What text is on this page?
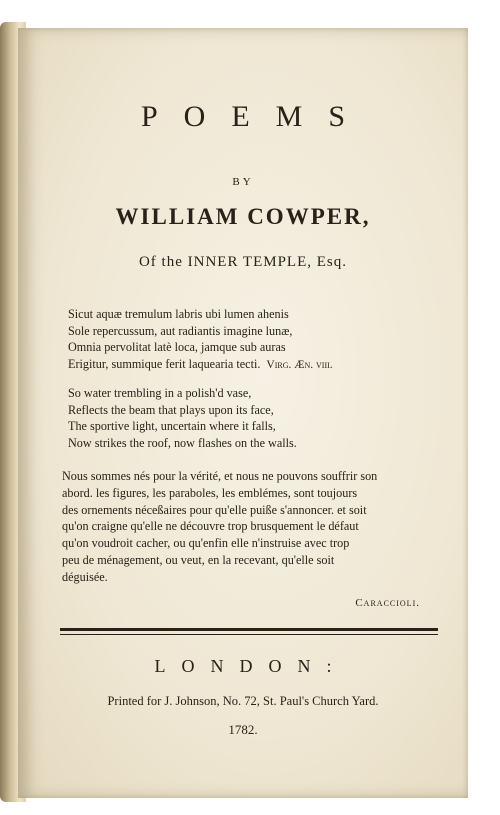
POEMS
BY
WILLIAM COWPER,
Of the INNER TEMPLE, Esq.
Sicut aquæ tremulum labris ubi lumen ahenis
Sole repercussum, aut radiantis imagine lunæ,
Omnia pervolitat latè loca, jamque sub auras
Erigitur, summique ferit laquearia tecti. Virg. Æn. viii.
So water trembling in a polish'd vase,
Reflects the beam that plays upon its face,
The sportive light, uncertain where it falls,
Now strikes the roof, now flashes on the walls.
Nous sommes nés pour la vérité, et nous ne pouvons souffrir son
abord. les figures, les paraboles, les emblémes, sont toujours
des ornements néceßaires pour qu'elle puiße s'annoncer. et soit
qu'on craigne qu'elle ne découvre trop brusquement le défaut
qu'on voudroit cacher, ou qu'enfin elle n'instruise avec trop
peu de ménagement, ou veut, en la recevant, qu'elle soit
déguisée.
Caraccioli.
LONDON:
Printed for J. Johnson, No. 72, St. Paul's Church Yard.
1782.
